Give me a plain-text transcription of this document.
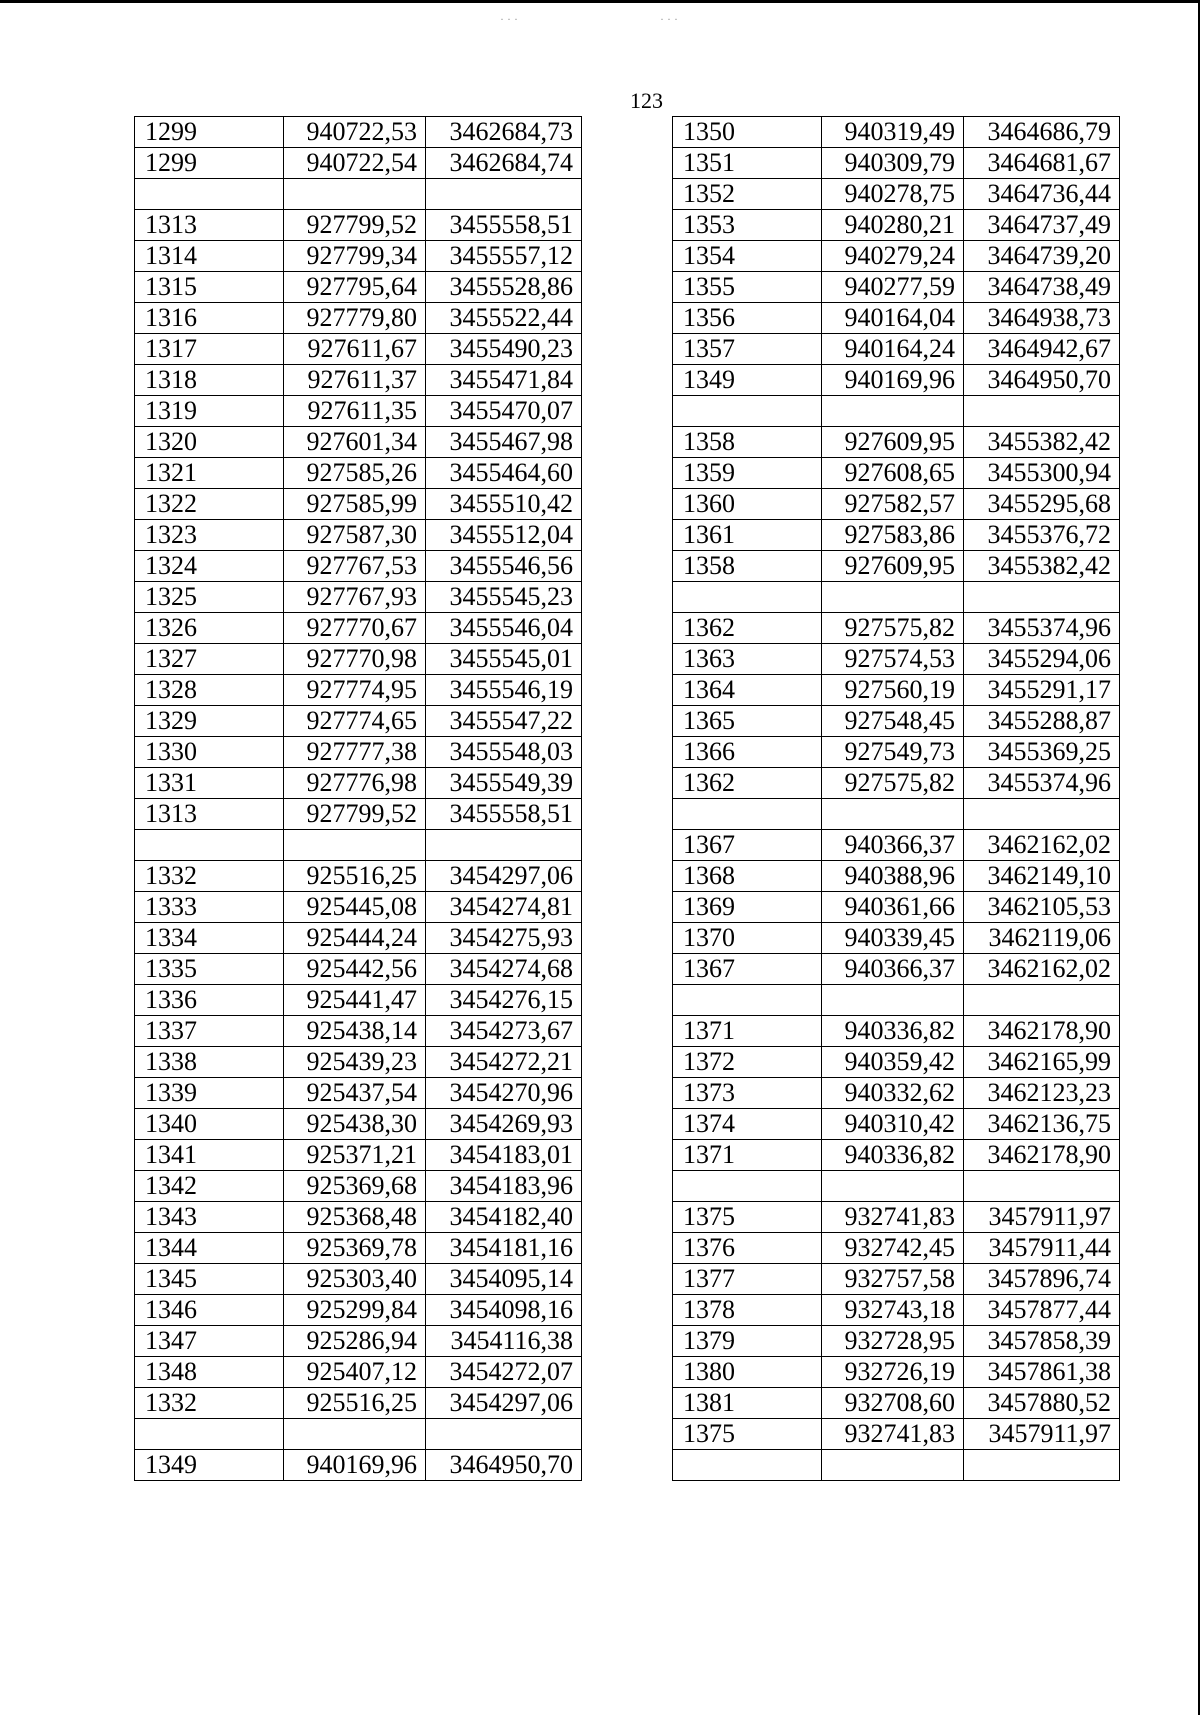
· · ·	· · ·
123
1299	940722,53	3462684,73
1299	940722,54	3462684,74

1313	927799,52	3455558,51
1314	927799,34	3455557,12
1315	927795,64	3455528,86
1316	927779,80	3455522,44
1317	927611,67	3455490,23
1318	927611,37	3455471,84
1319	927611,35	3455470,07
1320	927601,34	3455467,98
1321	927585,26	3455464,60
1322	927585,99	3455510,42
1323	927587,30	3455512,04
1324	927767,53	3455546,56
1325	927767,93	3455545,23
1326	927770,67	3455546,04
1327	927770,98	3455545,01
1328	927774,95	3455546,19
1329	927774,65	3455547,22
1330	927777,38	3455548,03
1331	927776,98	3455549,39
1313	927799,52	3455558,51

1332	925516,25	3454297,06
1333	925445,08	3454274,81
1334	925444,24	3454275,93
1335	925442,56	3454274,68
1336	925441,47	3454276,15
1337	925438,14	3454273,67
1338	925439,23	3454272,21
1339	925437,54	3454270,96
1340	925438,30	3454269,93
1341	925371,21	3454183,01
1342	925369,68	3454183,96
1343	925368,48	3454182,40
1344	925369,78	3454181,16
1345	925303,40	3454095,14
1346	925299,84	3454098,16
1347	925286,94	3454116,38
1348	925407,12	3454272,07
1332	925516,25	3454297,06

1349	940169,96	3464950,70
1350	940319,49	3464686,79
1351	940309,79	3464681,67
1352	940278,75	3464736,44
1353	940280,21	3464737,49
1354	940279,24	3464739,20
1355	940277,59	3464738,49
1356	940164,04	3464938,73
1357	940164,24	3464942,67
1349	940169,96	3464950,70

1358	927609,95	3455382,42
1359	927608,65	3455300,94
1360	927582,57	3455295,68
1361	927583,86	3455376,72
1358	927609,95	3455382,42

1362	927575,82	3455374,96
1363	927574,53	3455294,06
1364	927560,19	3455291,17
1365	927548,45	3455288,87
1366	927549,73	3455369,25
1362	927575,82	3455374,96

1367	940366,37	3462162,02
1368	940388,96	3462149,10
1369	940361,66	3462105,53
1370	940339,45	3462119,06
1367	940366,37	3462162,02

1371	940336,82	3462178,90
1372	940359,42	3462165,99
1373	940332,62	3462123,23
1374	940310,42	3462136,75
1371	940336,82	3462178,90

1375	932741,83	3457911,97
1376	932742,45	3457911,44
1377	932757,58	3457896,74
1378	932743,18	3457877,44
1379	932728,95	3457858,39
1380	932726,19	3457861,38
1381	932708,60	3457880,52
1375	932741,83	3457911,97
